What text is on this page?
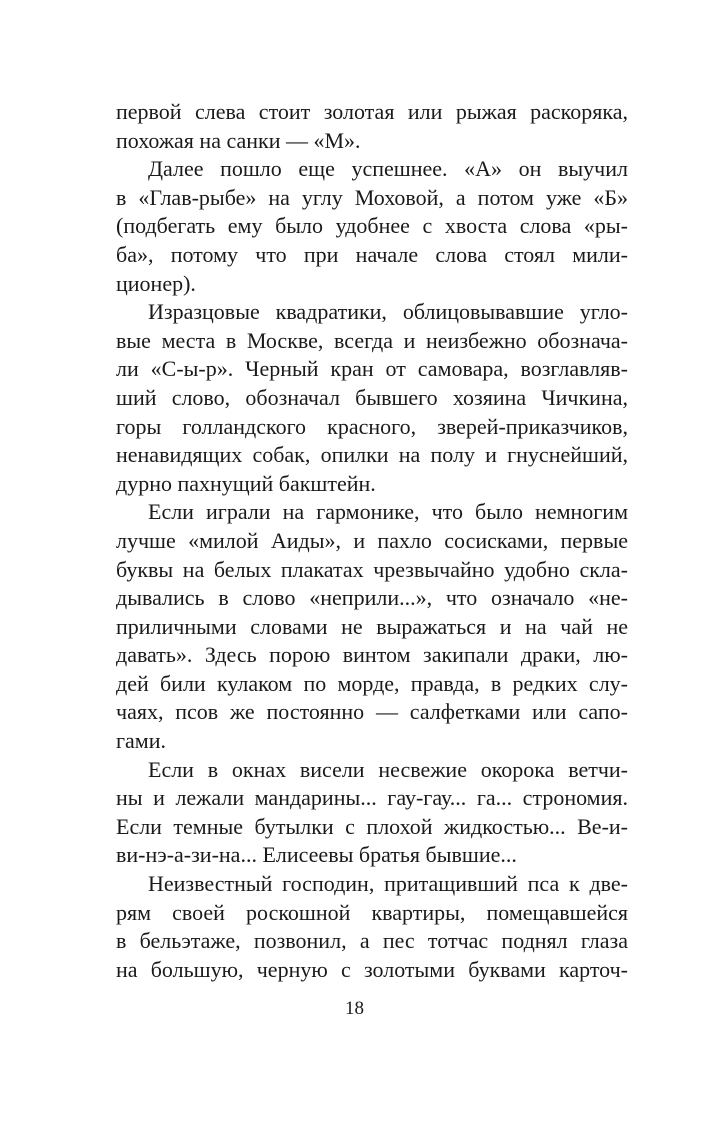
первой слева стоит золотая или рыжая раскоряка,
похожая на санки — «М».
Далее пошло еще успешнее. «А» он выучил
в «Глав-рыбе» на углу Моховой, а потом уже «Б»
(подбегать ему было удобнее с хвоста слова «ры-
ба», потому что при начале слова стоял мили-
ционер).
Изразцовые квадратики, облицовывавшие угло-
вые места в Москве, всегда и неизбежно обознача-
ли «С-ы-р». Черный кран от самовара, возглавляв-
ший слово, обозначал бывшего хозяина Чичкина,
горы голландского красного, зверей-приказчиков,
ненавидящих собак, опилки на полу и гнуснейший,
дурно пахнущий бакштейн.
Если играли на гармонике, что было немногим
лучше «милой Аиды», и пахло сосисками, первые
буквы на белых плакатах чрезвычайно удобно скла-
дывались в слово «неприли...», что означало «не-
приличными словами не выражаться и на чай не
давать». Здесь порою винтом закипали драки, лю-
дей били кулаком по морде, правда, в редких слу-
чаях, псов же постоянно — салфетками или сапо-
гами.
Если в окнах висели несвежие окорока ветчи-
ны и лежали мандарины... гау-гау... га... строномия.
Если темные бутылки с плохой жидкостью... Ве-и-
ви-нэ-а-зи-на... Елисеевы братья бывшие...
Неизвестный господин, притащивший пса к две-
рям своей роскошной квартиры, помещавшейся
в бельэтаже, позвонил, а пес тотчас поднял глаза
на большую, черную с золотыми буквами карточ-
18
